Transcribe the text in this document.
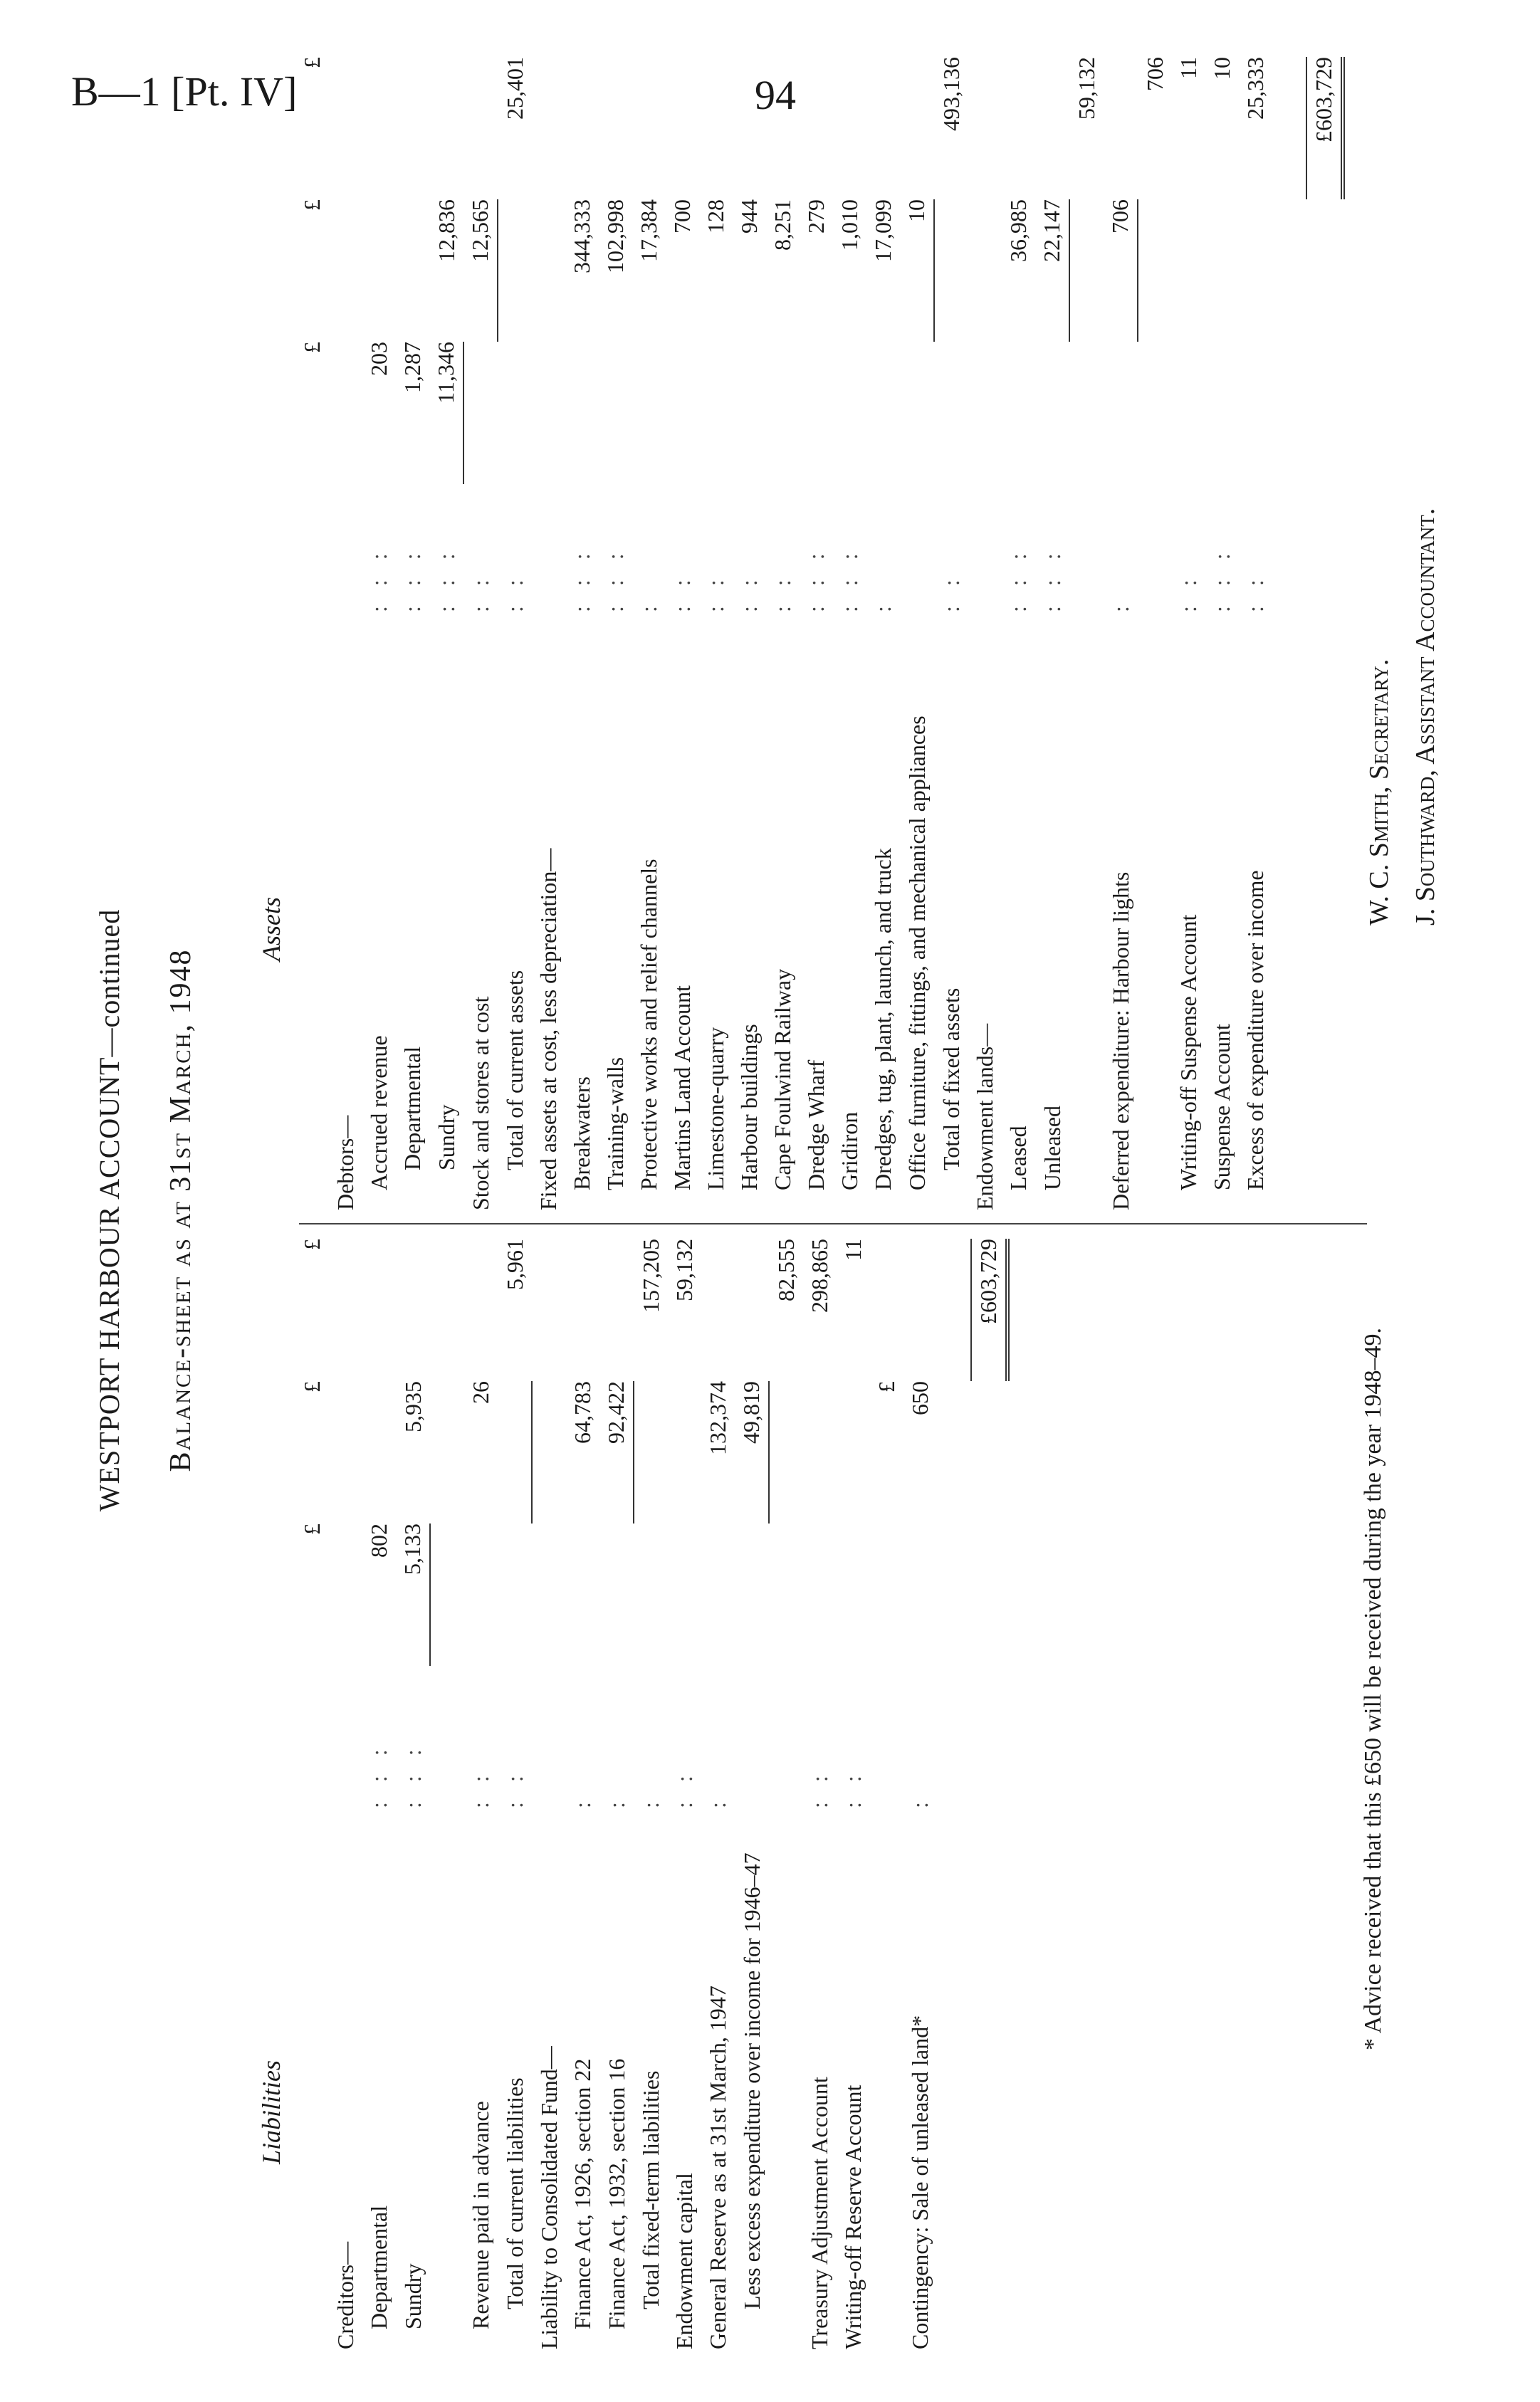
B—1 [Pt. IV]	94
WESTPORT HARBOUR ACCOUNT—continued Balance-sheet as at 31st March, 1948
Liabilities
Assets
		£	£	£
Creditors—				
Departmental	: : :	802		
Sundry	: : :	5,133	5,935	

Revenue paid in advance	: :		26	
Total of current liabilities	: :			5,961
Liability to Consolidated Fund—				
Finance Act, 1926, section 22	:		64,783	
Finance Act, 1932, section 16	:		92,422	
Total fixed-term liabilities	:			157,205
Endowment capital	: :			59,132
General Reserve as at 31st March, 1947	:		132,374	
Less excess expenditure over income for 1946–47			49,819	
				82,555
Treasury Adjustment Account	: :			298,865
Writing-off Reserve Account	: :			11
			£	
Contingency: Sale of unleased land*	:		650	

				£603,729
		£	£	£
Debtors—				
Accrued revenue	: : :	203		
Departmental	: : :	1,287		
Sundry	: : :	11,346	12,836	
Stock and stores at cost	: :		12,565	
Total of current assets	: :			25,401
Fixed assets at cost, less depreciation—				
Breakwaters	: : :		344,333	
Training-walls	: : :		102,998	
Protective works and relief channels	:		17,384	
Martins Land Account	: :		700	
Limestone-quarry	: :		128	
Harbour buildings	: :		944	
Cape Foulwind Railway	: :		8,251	
Dredge Wharf	: : :		279	
Gridiron	: : :		1,010	
Dredges, tug, plant, launch, and truck	:		17,099	
Office furniture, fittings, and mechanical appliances			10	
Total of fixed assets	: :			493,136
Endowment lands—				
Leased	: : :		36,985	
Unleased	: : :		22,147	
				59,132
Deferred expenditure: Harbour lights	:		706	
				706
Writing-off Suspense Account	: :			11
Suspense Account	: : :			10
Excess of expenditure over income	: :			25,333

				£603,729
* Advice received that this £650 will be received during the year 1948–49.
W. C. Smith, Secretary. J. Southward, Assistant Accountant.
